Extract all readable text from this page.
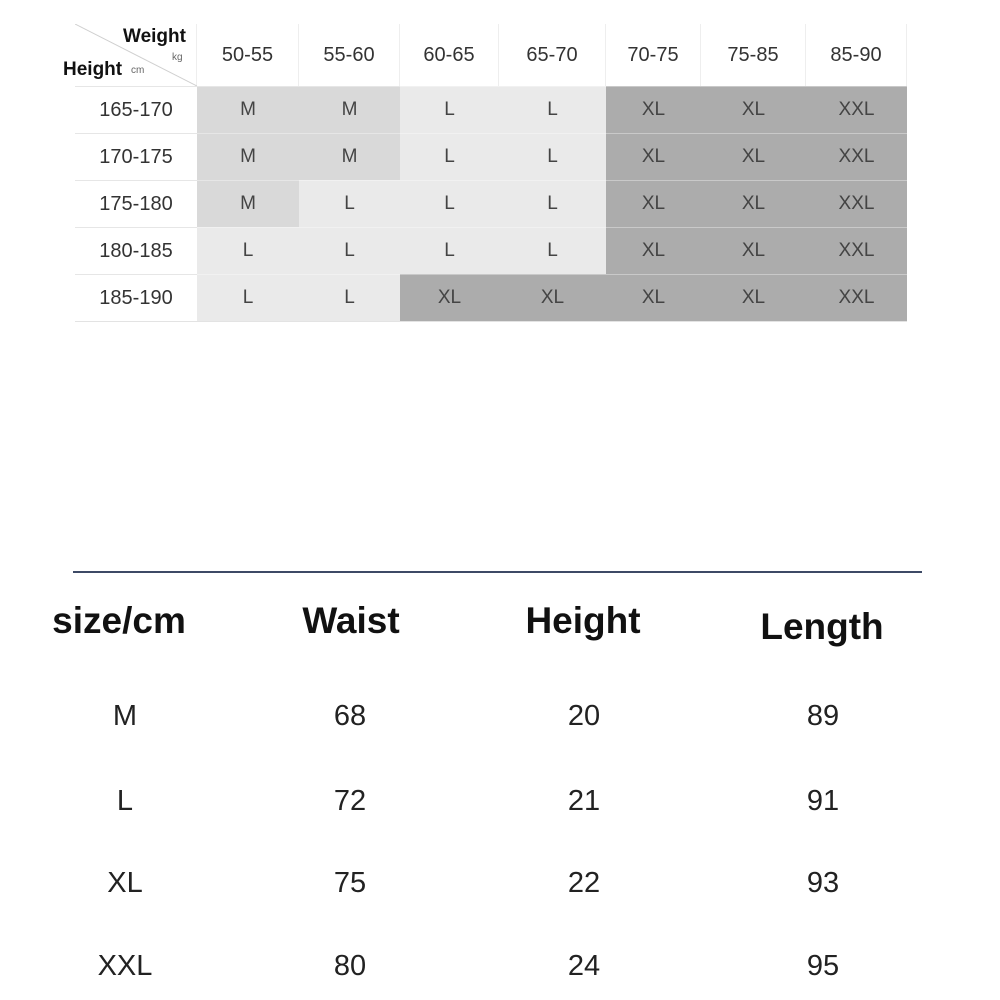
Weight
kg
Height cm
50-55	55-60	60-65	65-70	70-75	75-85	85-90
165-170	M	M	L	L	XL	XL	XXL
170-175	M	M	L	L	XL	XL	XXL
175-180	M	L	L	L	XL	XL	XXL
180-185	L	L	L	L	XL	XL	XXL
185-190	L	L	XL	XL	XL	XL	XXL
size/cm	Waist	Height	Length
M	68	20	89
L	72	21	91
XL	75	22	93
XXL	80	24	95
